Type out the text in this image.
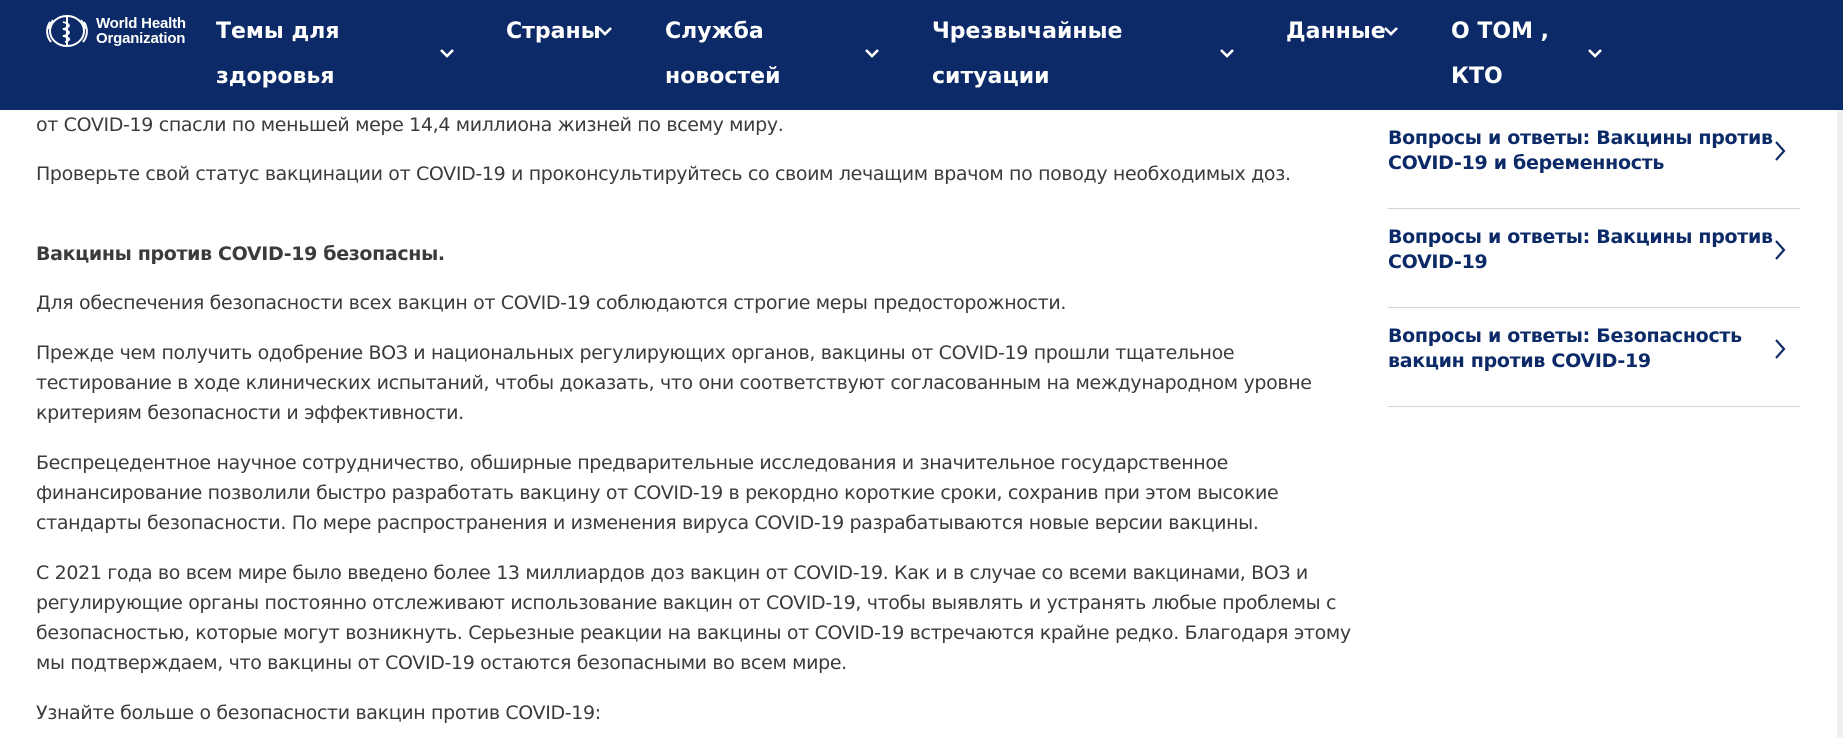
World Health
Organization Темы для
здоровья
Страны	Служба
новостей
Чрезвычайные
ситуации
Данные	О ТОМ ,
КТО
от COVID-19 спасли по меньшей мере 14,4 миллиона жизней по всему миру.
Проверьте свой статус вакцинации от COVID-19 и проконсультируйтесь со своим лечащим врачом по поводу необходимых доз.
Вакцины против COVID-19 безопасны.
Для обеспечения безопасности всех вакцин от COVID-19 соблюдаются строгие меры предосторожности.
Прежде чем получить одобрение ВОЗ и национальных регулирующих органов, вакцины от COVID-19 прошли тщательное
тестирование в ходе клинических испытаний, чтобы доказать, что они соответствуют согласованным на международном уровне
критериям безопасности и эффективности.
Беспрецедентное научное сотрудничество, обширные предварительные исследования и значительное государственное
финансирование позволили быстро разработать вакцину от COVID-19 в рекордно короткие сроки, сохранив при этом высокие
стандарты безопасности. По мере распространения и изменения вируса COVID-19 разрабатываются новые версии вакцины.
С 2021 года во всем мире было введено более 13 миллиардов доз вакцин от COVID-19. Как и в случае со всеми вакцинами, ВОЗ и
регулирующие органы постоянно отслеживают использование вакцин от COVID-19, чтобы выявлять и устранять любые проблемы с
безопасностью, которые могут возникнуть. Серьезные реакции на вакцины от COVID-19 встречаются крайне редко. Благодаря этому
мы подтверждаем, что вакцины от COVID-19 остаются безопасными во всем мире.
Узнайте больше о безопасности вакцин против COVID-19:
Вопросы и ответы: Вакцины против
COVID-19 и беременность
Вопросы и ответы: Вакцины против
COVID-19
Вопросы и ответы: Безопасность
вакцин против COVID-19
